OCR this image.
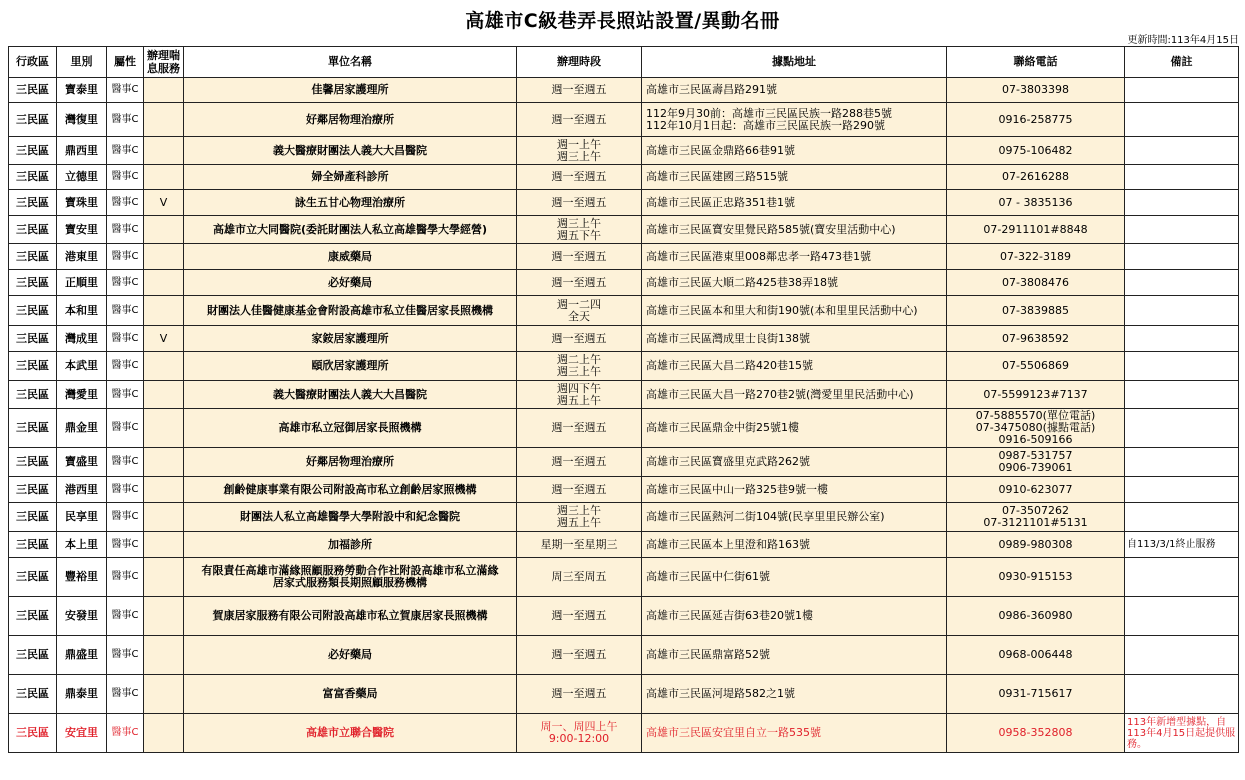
高雄市C級巷弄長照站設置/異動名冊
更新時間:113年4月15日
行政區	里別	屬性	辦理喘息服務	單位名稱	辦理時段	據點地址	聯絡電話	備註
三民區	寶泰里	醫事C		佳馨居家護理所	週一至週五	高雄市三民區壽昌路291號	07-3803398	

三民區	灣復里	醫事C		好鄰居物理治療所	週一至週五	112年9月30前：高雄市三民區民族一路288巷5號
112年10月1日起：高雄市三民區民族一路290號	0916-258775	

三民區	鼎西里	醫事C		義大醫療財團法人義大大昌醫院	週一上午
週三上午	高雄市三民區金鼎路66巷91號	0975-106482	

三民區	立德里	醫事C		婦全婦產科診所	週一至週五	高雄市三民區建國三路515號	07-2616288	

三民區	寶珠里	醫事C	V	詠生五甘心物理治療所	週一至週五	高雄市三民區正忠路351巷1號	07 - 3835136	

三民區	寶安里	醫事C		高雄市立大同醫院(委託財團法人私立高雄醫學大學經營)	週三上午
週五下午	高雄市三民區寶安里覺民路585號(寶安里活動中心)	07-2911101#8848	

三民區	港東里	醫事C		康威藥局	週一至週五	高雄市三民區港東里008鄰忠孝一路473巷1號	07-322-3189	

三民區	正順里	醫事C		必好藥局	週一至週五	高雄市三民區大順二路425巷38弄18號	07-3808476	

三民區	本和里	醫事C		財團法人佳醫健康基金會附設高雄市私立佳醫居家長照機構	週一二四
全天	高雄市三民區本和里大和街190號(本和里里民活動中心)	07-3839885	

三民區	灣成里	醫事C	V	家銨居家護理所	週一至週五	高雄市三民區灣成里士良街138號	07-9638592	

三民區	本武里	醫事C		頤欣居家護理所	週二上午
週三上午	高雄市三民區大昌二路420巷15號	07-5506869	

三民區	灣愛里	醫事C		義大醫療財團法人義大大昌醫院	週四下午
週五上午	高雄市三民區大昌一路270巷2號(灣愛里里民活動中心)	07-5599123#7137	

三民區	鼎金里	醫事C		高雄市私立冠御居家長照機構	週一至週五	高雄市三民區鼎金中街25號1樓	07-5885570(單位電話)
07-3475080(據點電話)
0916-509166	

三民區	寶盛里	醫事C		好鄰居物理治療所	週一至週五	高雄市三民區寶盛里克武路262號	0987-531757
0906-739061	

三民區	港西里	醫事C		創齡健康事業有限公司附設高市私立創齡居家照機構	週一至週五	高雄市三民區中山一路325巷9號一樓	0910-623077	

三民區	民享里	醫事C		財團法人私立高雄醫學大學附設中和紀念醫院	週三上午
週五上午	高雄市三民區熱河二街104號(民享里里民辦公室)	07-3507262
07-3121101#5131	

三民區	本上里	醫事C		加福診所	星期一至星期三	高雄市三民區本上里澄和路163號	0989-980308	自113/3/1終止服務
三民區	豐裕里	醫事C		有限責任高雄市滿緣照顧服務勞動合作社附設高雄市私立滿緣
居家式服務類長期照顧服務機構	周三至周五	高雄市三民區中仁街61號	0930-915153	

三民區	安發里	醫事C		賀康居家服務有限公司附設高雄市私立賀康居家長照機構	週一至週五	高雄市三民區延吉街63巷20號1樓	0986-360980	

三民區	鼎盛里	醫事C		必好藥局	週一至週五	高雄市三民區鼎富路52號	0968-006448	

三民區	鼎泰里	醫事C		富富香藥局	週一至週五	高雄市三民區河堤路582之1號	0931-715617	

三民區	安宜里	醫事C		高雄市立聯合醫院	周一、周四上午
9:00-12:00	高雄市三民區安宜里自立一路535號	0958-352808	113年新增型據點，自113年4月15日起提供服務。
